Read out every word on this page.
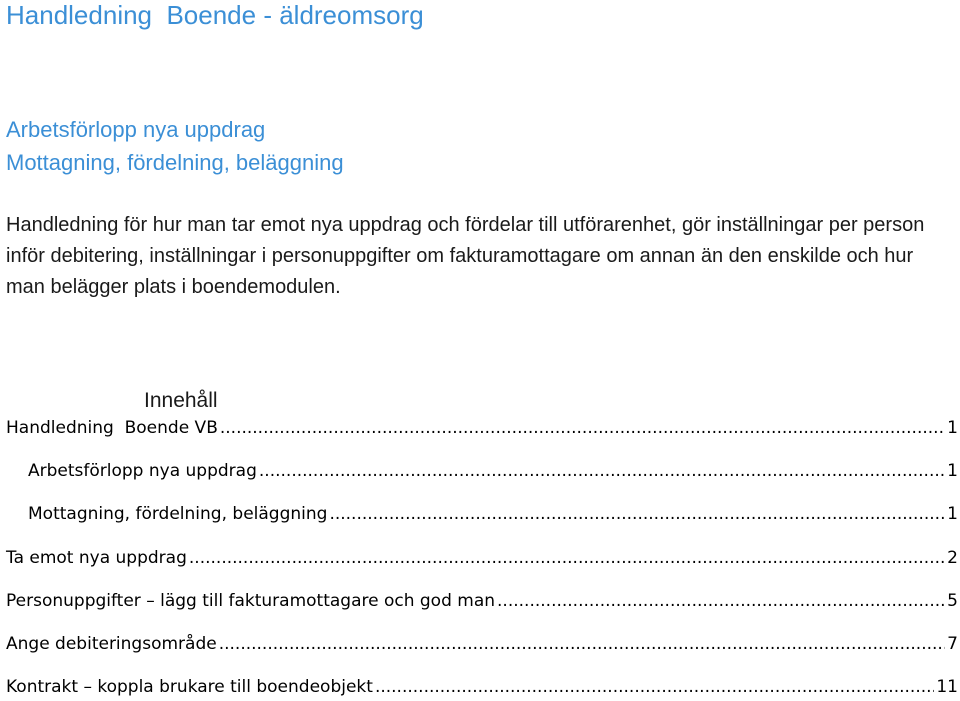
Handledning  Boende - äldreomsorg
Arbetsförlopp nya uppdrag
Mottagning, fördelning, beläggning

Handledning för hur man tar emot nya uppdrag och fördelar till utförarenhet, gör inställningar per person inför debitering, inställningar i personuppgifter om fakturamottagare om annan än den enskilde och hur man belägger plats i boendemodulen.

Innehåll
Handledning  Boende VB .....	1
Arbetsförlopp nya uppdrag .....	1
Mottagning, fördelning, beläggning .....	1
Ta emot nya uppdrag .....	2
Personuppgifter – lägg till fakturamottagare och god man .....	5
Ange debiteringsområde .....	7
Kontrakt – koppla brukare till boendeobjekt .....	11
